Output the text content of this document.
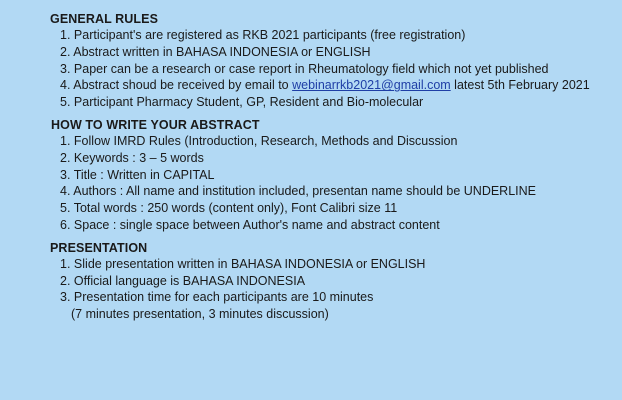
GENERAL RULES
1. Participant's are registered as RKB 2021 participants (free registration)
2. Abstract written in BAHASA INDONESIA or ENGLISH
3. Paper can be a research or case report in Rheumatology field which not yet published
4. Abstract shoud be received by email to webinarrkb2021@gmail.com latest 5th February 2021
5. Participant Pharmacy Student, GP, Resident and Bio-molecular
HOW TO WRITE YOUR ABSTRACT
1. Follow IMRD Rules (Introduction, Research, Methods and Discussion
2. Keywords : 3 – 5 words
3. Title : Written in CAPITAL
4. Authors : All name and institution included, presentan name should be UNDERLINE
5. Total words : 250 words (content only), Font Calibri size 11
6. Space : single space between Author's name and abstract content
PRESENTATION
1. Slide presentation written in BAHASA INDONESIA or ENGLISH
2. Official language is BAHASA INDONESIA
3. Presentation time for each participants are 10 minutes
(7 minutes presentation, 3 minutes discussion)
